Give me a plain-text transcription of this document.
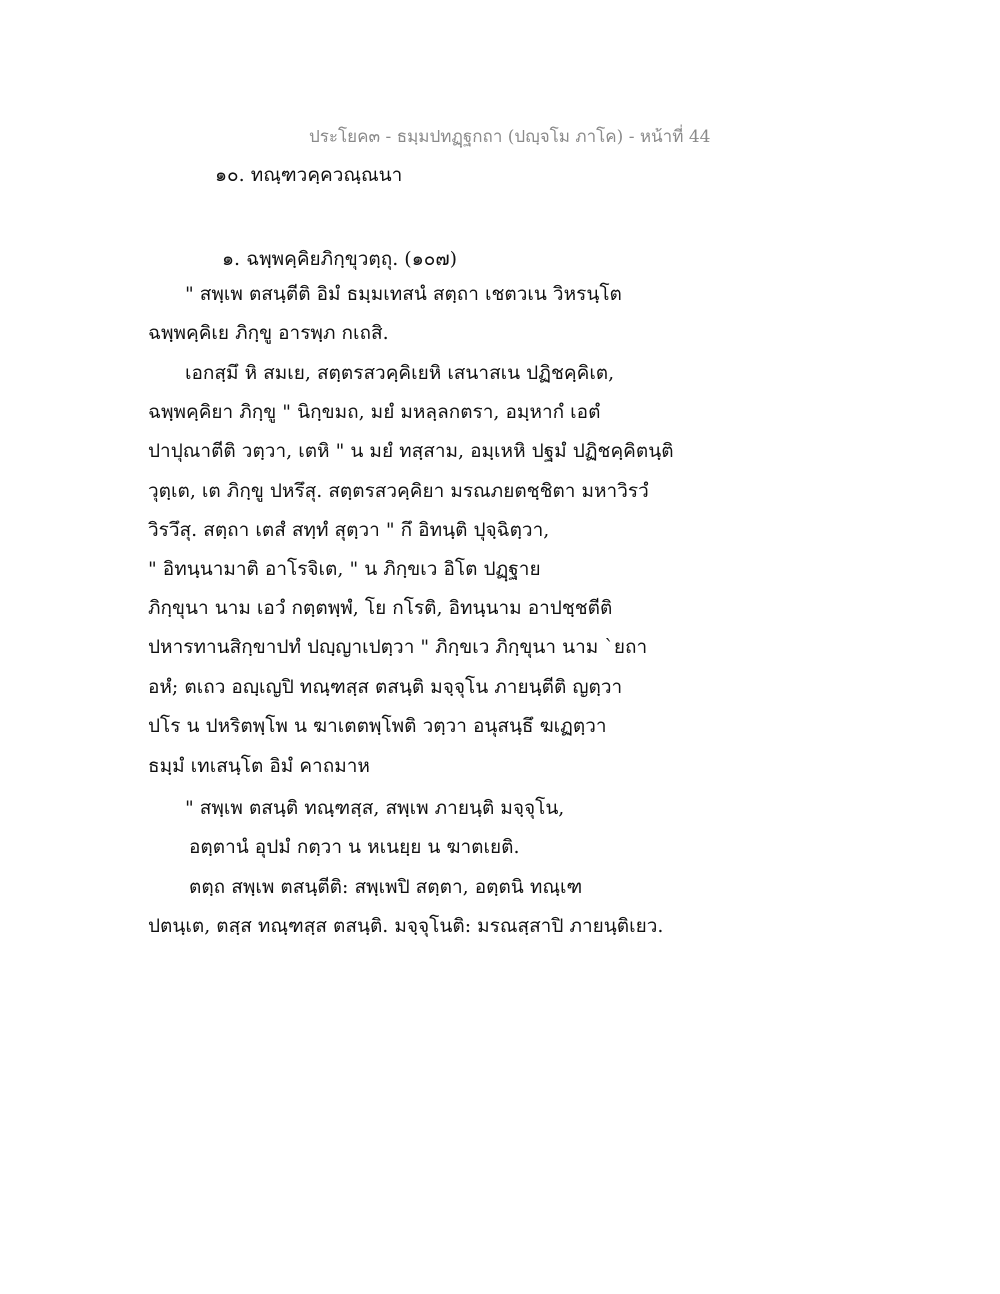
ประโยค๓ - ธมฺมปทฏฺฐกถา (ปญฺจโม ภาโค) - หน้าที่ 44
๑๐. ทณฺฑวคฺควณฺณนา
๑. ฉพฺพคฺคิยภิกฺขุวตฺถุ. (๑๐๗)
" สพฺเพ ตสนฺตีติ อิมํ ธมฺมเทสนํ สตฺถา เชตวเน วิหรนฺโต
ฉพฺพคฺคิเย ภิกฺขู อารพฺภ กเถสิ.
เอกสฺมึ หิ สมเย, สตฺตรสวคฺคิเยหิ เสนาสเน ปฏิชคฺคิเต,
ฉพฺพคฺคิยา ภิกฺขู " นิกฺขมถ, มยํ มหลฺลกตรา, อมฺหากํ เอตํ
ปาปุณาตีติ วตฺวา, เตหิ " น มยํ ทสฺสาม, อมฺเหหิ ปฐมํ ปฏิชคฺคิตนฺติ
วุตฺเต, เต ภิกฺขู ปหรึสุ. สตฺตรสวคฺคิยา มรณภยตชฺชิตา มหาวิรวํ
วิรวึสุ. สตฺถา เตสํ สทฺทํ สุตฺวา " กึ อิทนฺติ ปุจฺฉิตฺวา,
" อิทนฺนามาติ อาโรจิเต, " น ภิกฺขเว อิโต ปฏฺฐาย
ภิกฺขุนา นาม เอวํ กตฺตพฺพํ, โย กโรติ, อิทนฺนาม อาปชฺชตีติ
ปหารทานสิกฺขาปทํ ปญฺญาเปตฺวา " ภิกฺขเว ภิกฺขุนา นาม `ยถา
อหํ; ตเถว อญฺเญปิ ทณฺฑสฺส ตสนฺติ มจฺจุโน ภายนฺตีติ ญตฺวา
ปโร น ปหริตพฺโพ น ฆาเตตพฺโพติ วตฺวา อนุสนฺธึ ฆเฏตฺวา
ธมฺมํ เทเสนฺโต อิมํ คาถมาห
" สพฺเพ ตสนฺติ ทณฺฑสฺส, สพฺเพ ภายนฺติ มจฺจุโน,
อตฺตานํ อุปมํ กตฺวา น หเนยฺย น ฆาตเยติ.
ตตฺถ สพฺเพ ตสนฺตีติ: สพฺเพปิ สตฺตา, อตฺตนิ ทณฺเฑ
ปตนฺเต, ตสฺส ทณฺฑสฺส ตสนฺติ. มจฺจุโนติ: มรณสฺสาปิ ภายนฺติเยว.
